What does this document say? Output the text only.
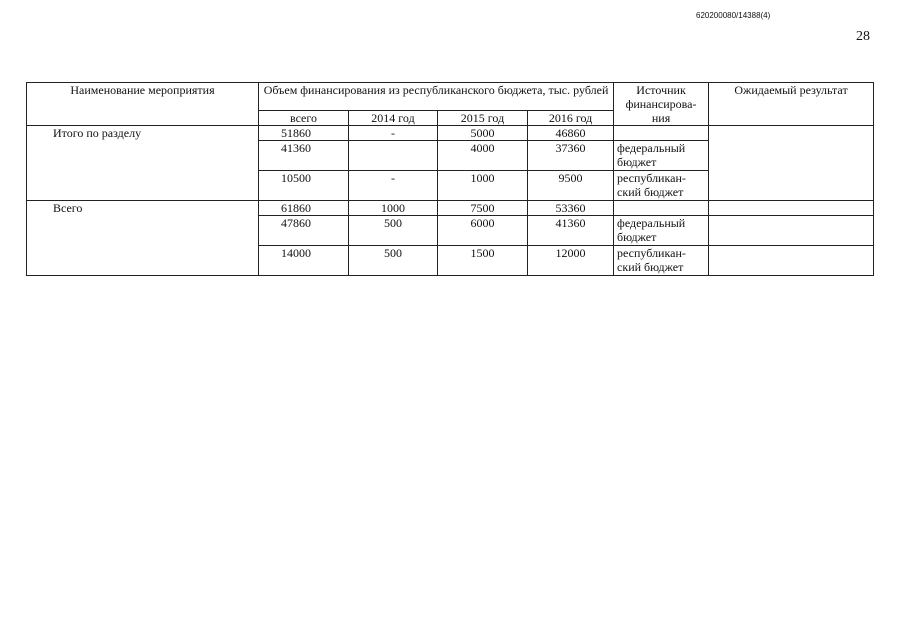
620200080/14388(4)
28
Наименование мероприятия	Объем финансирования из республиканского бюджета, тыс. рублей				Источник финансирова-ния	Ожидаемый результат
	всего	2014 год	2015 год	2016 год		
Итого по разделу	51860	-	5000	46860		
	41360		4000	37360	федеральный бюджет	
	10500	-	1000	9500	республикан-ский бюджет	
Всего	61860	1000	7500	53360		
	47860	500	6000	41360	федеральный бюджет	
	14000	500	1500	12000	республикан-ский бюджет	
